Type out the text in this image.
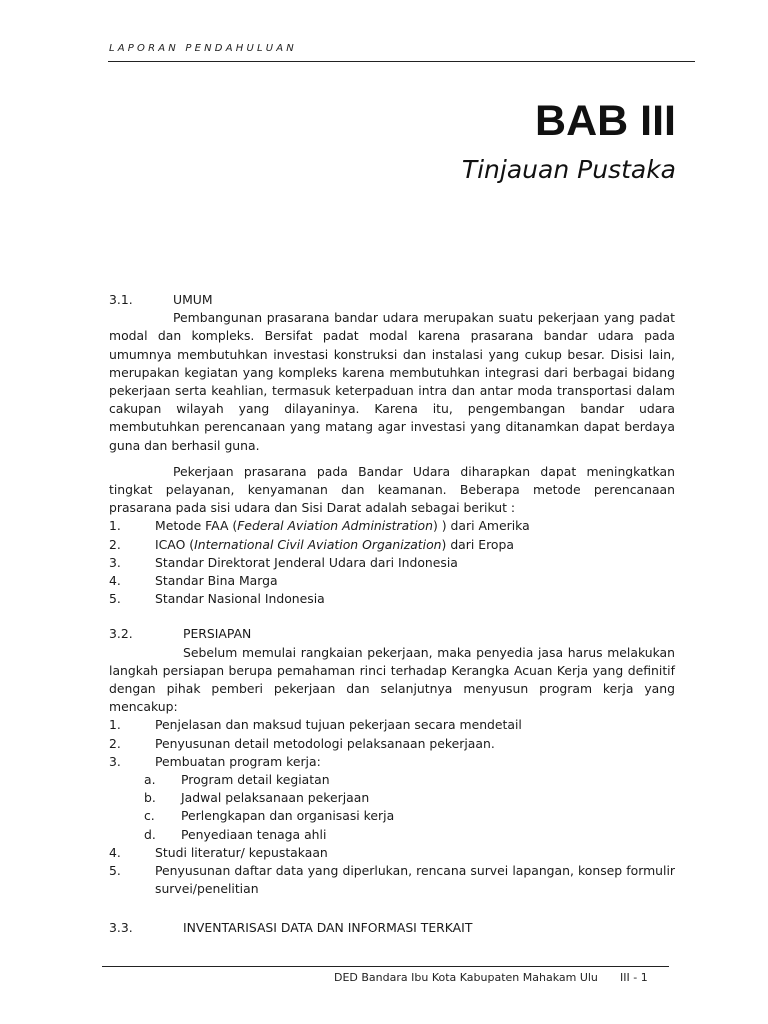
LAPORAN PENDAHULUAN
BAB III
Tinjauan Pustaka
3.1.	UMUM

Pembangunan prasarana bandar udara merupakan suatu pekerjaan yang padat modal dan kompleks. Bersifat padat modal karena prasarana bandar udara pada umumnya membutuhkan investasi konstruksi dan instalasi yang cukup besar. Disisi lain, merupakan kegiatan yang kompleks karena membutuhkan integrasi dari berbagai bidang pekerjaan serta keahlian, termasuk keterpaduan intra dan antar moda transportasi dalam cakupan wilayah yang dilayaninya. Karena itu, pengembangan bandar udara membutuhkan perencanaan yang matang agar investasi yang ditanamkan dapat berdaya guna dan berhasil guna.

Pekerjaan prasarana pada Bandar Udara diharapkan dapat meningkatkan tingkat pelayanan, kenyamanan dan keamanan. Beberapa metode perencanaan prasarana pada sisi udara dan Sisi Darat adalah sebagai berikut :

1.	Metode FAA (Federal Aviation Administration) ) dari Amerika
2.	ICAO (International Civil Aviation Organization) dari Eropa
3.	Standar Direktorat Jenderal Udara dari Indonesia
4.	Standar Bina Marga
5.	Standar Nasional Indonesia
3.2.	PERSIAPAN

Sebelum memulai rangkaian pekerjaan, maka penyedia jasa harus melakukan langkah persiapan berupa pemahaman rinci terhadap Kerangka Acuan Kerja yang definitif dengan pihak pemberi pekerjaan dan selanjutnya menyusun program kerja yang mencakup:

1.	Penjelasan dan maksud tujuan pekerjaan secara mendetail
2.	Penyusunan detail metodologi pelaksanaan pekerjaan.
3.	Pembuatan program kerja:
a.	Program detail kegiatan
b.	Jadwal pelaksanaan pekerjaan
c.	Perlengkapan dan organisasi kerja
d.	Penyediaan tenaga ahli
4.	Studi literatur/ kepustakaan
5.	Penyusunan daftar data yang diperlukan, rencana survei lapangan, konsep formulir survei/penelitian
3.3.	INVENTARISASI DATA DAN INFORMASI TERKAIT
DED Bandara Ibu Kota Kabupaten Mahakam Ulu III - 1
